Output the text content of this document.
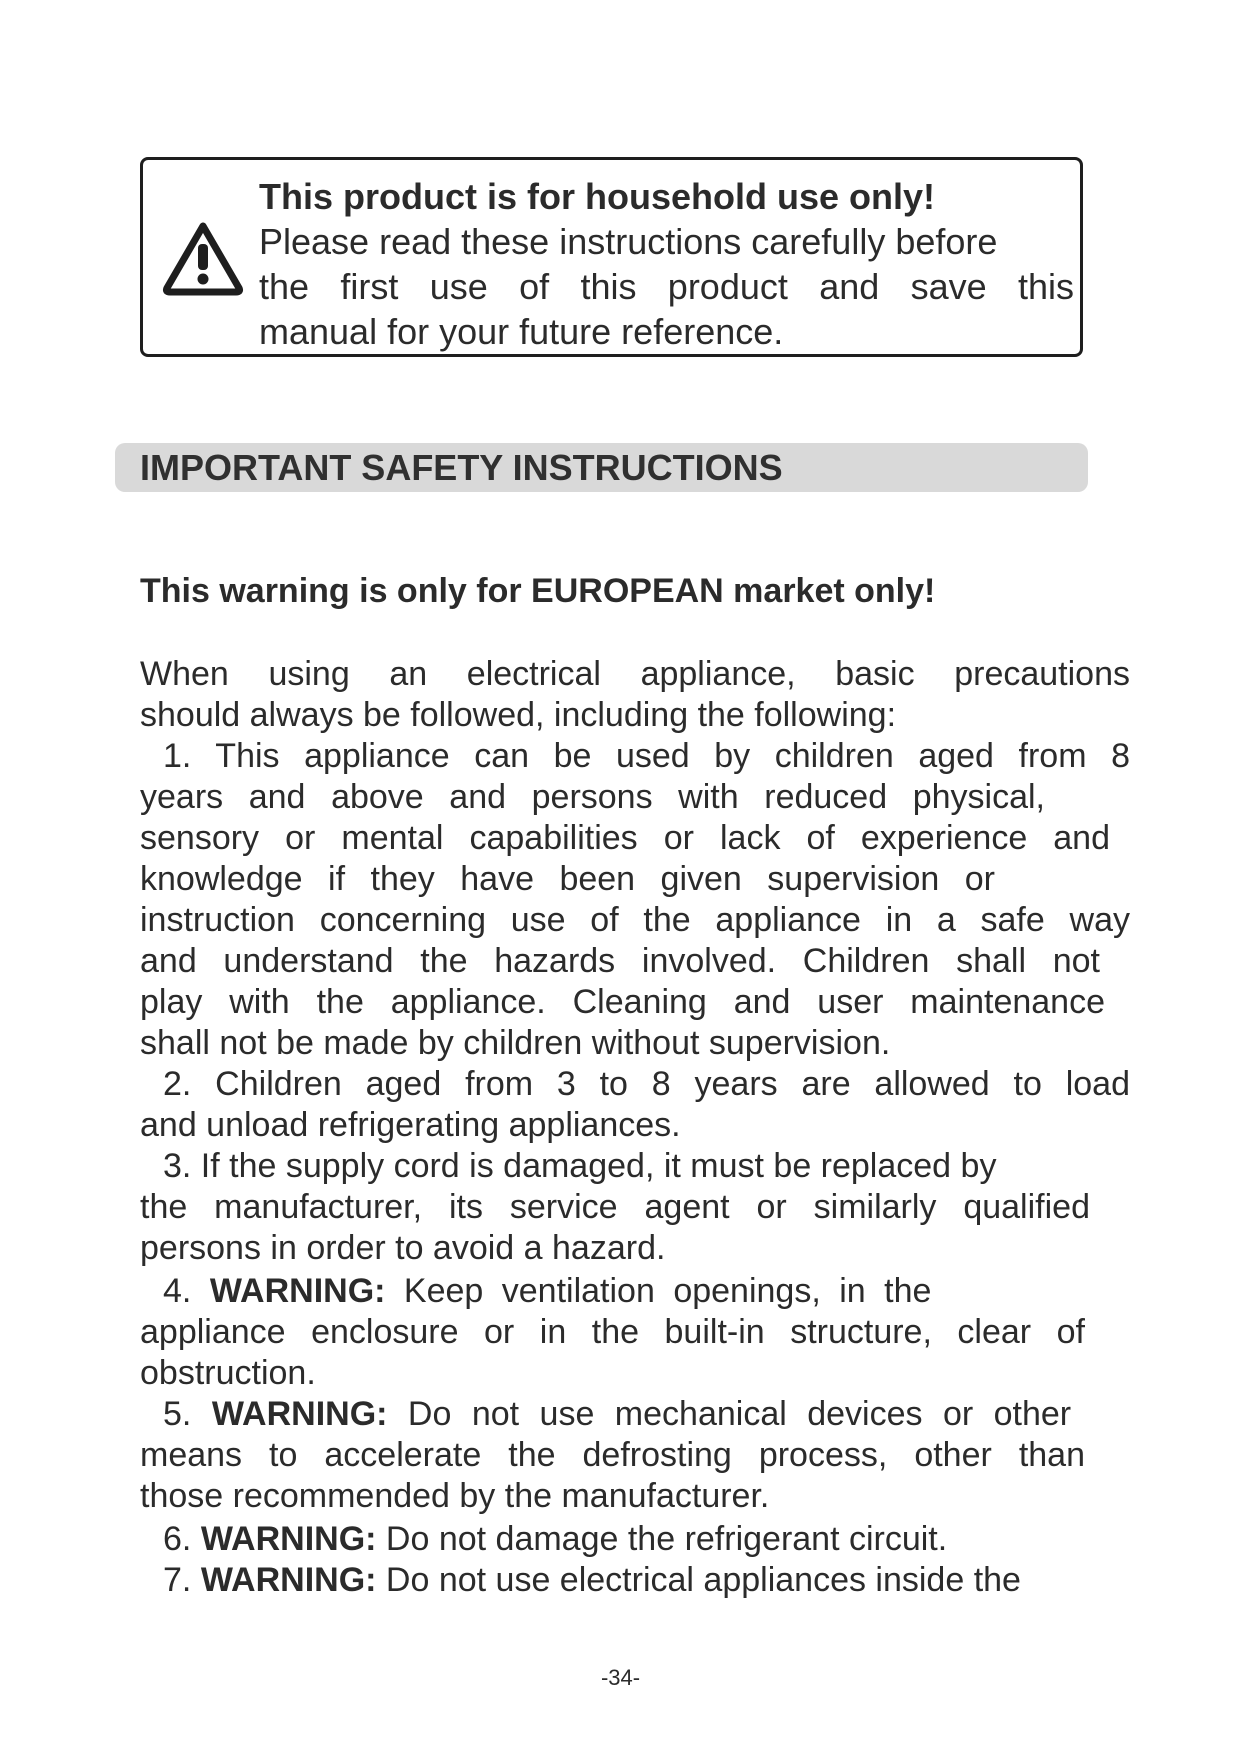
This product is for household use only!
Please read these instructions carefully before
the first use of this product and save this
manual for your future reference.
IMPORTANT SAFETY INSTRUCTIONS
This warning is only for EUROPEAN market only!
When using an electrical appliance, basic precautions
should always be followed, including the following:
1. This appliance can be used by children aged from 8
years and above and persons with reduced physical,
sensory or mental capabilities or lack of experience and
knowledge if they have been given supervision or
instruction concerning use of the appliance in a safe way
and understand the hazards involved. Children shall not
play with the appliance. Cleaning and user maintenance
shall not be made by children without supervision.
2. Children aged from 3 to 8 years are allowed to load
and unload refrigerating appliances.
3. If the supply cord is damaged, it must be replaced by
the manufacturer, its service agent or similarly qualified
persons in order to avoid a hazard.
4. WARNING: Keep ventilation openings, in the
appliance enclosure or in the built-in structure, clear of
obstruction.
5. WARNING: Do not use mechanical devices or other
means to accelerate the defrosting process, other than
those recommended by the manufacturer.
6. WARNING: Do not damage the refrigerant circuit.
7. WARNING: Do not use electrical appliances inside the
-34-
